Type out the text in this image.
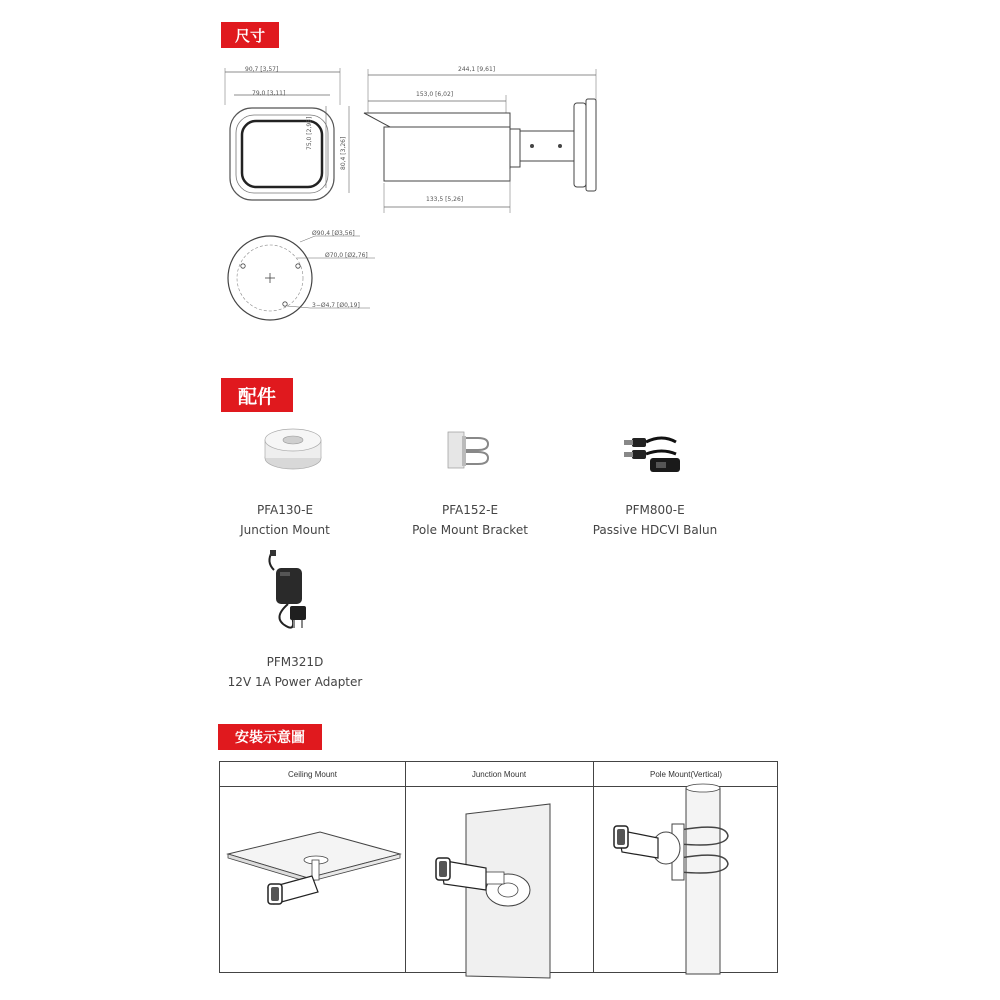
尺寸
90,7 [3,57]
79,0 [3,11]
75,0 [2,95]
80,4 [3,26]
244,1 [9,61]
153,0 [6,02]
133,5 [5,26]
Ø90,4 [Ø3,56]
Ø70,0 [Ø2,76]
3−Ø4,7 [Ø0,19]
配件
PFA130-E
Junction Mount
PFA152-E
Pole Mount Bracket
PFM800-E
Passive HDCVI Balun
PFM321D
12V 1A Power Adapter
安裝示意圖
Ceiling Mount	Junction Mount	Pole Mount(Vertical)
